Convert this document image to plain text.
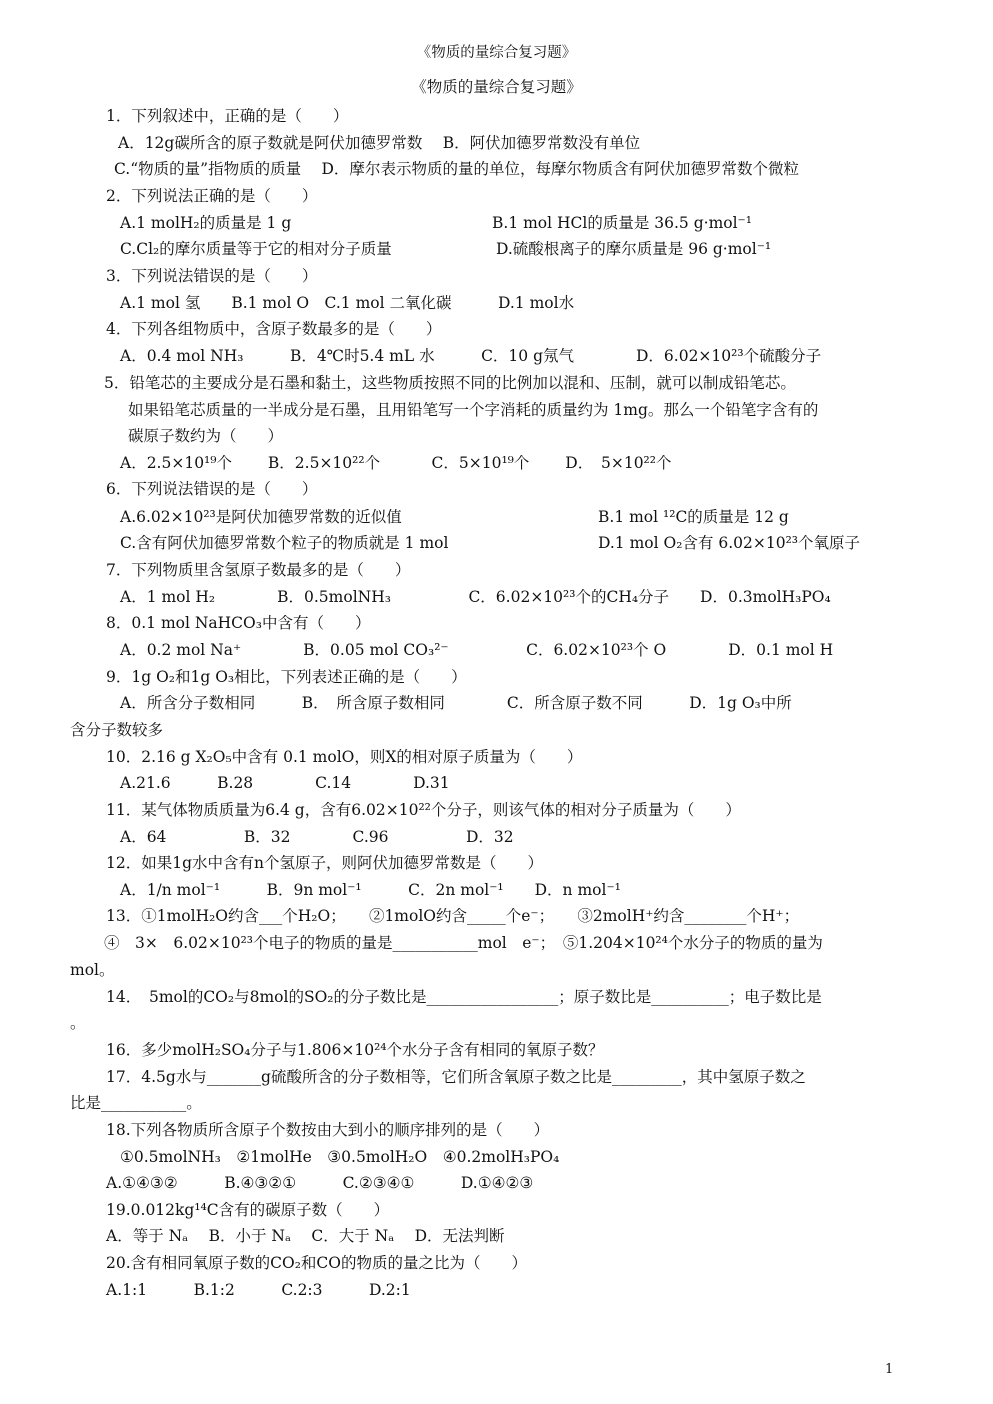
《物质的量综合复习题》
《物质的量综合复习题》
1．下列叙述中，正确的是（　　）
A．12g碳所含的原子数就是阿伏加德罗常数　 B．阿伏加德罗常数没有单位
C.“物质的量”指物质的质量　 D．摩尔表示物质的量的单位，每摩尔物质含有阿伏加德罗常数个微粒
2．下列说法正确的是（　　）
A.1 molH₂的质量是 1 g	B.1 mol HCl的质量是 36.5 g·mol⁻¹
C.Cl₂的摩尔质量等于它的相对分子质量	D.硫酸根离子的摩尔质量是 96 g·mol⁻¹
3．下列说法错误的是（　　）
A.1 mol 氢　　B.1 mol O　C.1 mol 二氧化碳　　　D.1 mol水
4．下列各组物质中，含原子数最多的是（　　）
A．0.4 mol NH₃　　　B．4℃时5.4 mL 水　　　C．10 g氖气　　　　D．6.02×10²³个硫酸分子
5．铅笔芯的主要成分是石墨和黏土，这些物质按照不同的比例加以混和、压制，就可以制成铅笔芯。
如果铅笔芯质量的一半成分是石墨，且用铅笔写一个字消耗的质量约为 1mg。那么一个铅笔字含有的
碳原子数约为（　　）
A．2.5×10¹⁹个　　 B．2.5×10²²个　　　 C．5×10¹⁹个　　 D．　5×10²²个
6．下列说法错误的是（　　）
A.6.02×10²³是阿伏加德罗常数的近似值	B.1 mol ¹²C的质量是 12 g
C.含有阿伏加德罗常数个粒子的物质就是 1 mol	D.1 mol O₂含有 6.02×10²³个氧原子
7．下列物质里含氢原子数最多的是（　　）
A．1 mol H₂　　　　B．0.5molNH₃　　　　　C．6.02×10²³个的CH₄分子　　D．0.3molH₃PO₄
8．0.1 mol NaHCO₃中含有（　　）
A．0.2 mol Na⁺　　　　B．0.05 mol CO₃²⁻　　　　　C．6.02×10²³个 O　　　　D．0.1 mol H
9．1g O₂和1g O₃相比，下列表述正确的是（　　）
A．所含分子数相同　　　B．　所含原子数相同　　　　C．所含原子数不同　　　D．1g O₃中所
含分子数较多
10．2.16 g X₂O₅中含有 0.1 molO，则X的相对原子质量为（　　）
A.21.6　　　B.28　　　　C.14　　　　D.31
11．某气体物质质量为6.4 g，含有6.02×10²²个分子，则该气体的相对分子质量为（　　）
A．64　　　　　B．32　　　　C.96　　　　　D．32
12．如果1g水中含有n个氢原子，则阿伏加德罗常数是（　　）
A．1/n mol⁻¹　　　B．9n mol⁻¹　　　C．2n mol⁻¹　　D．n mol⁻¹
13．①1molH₂O约含___个H₂O；　　②1molO约含_____个e⁻；　　③2molH⁺约含________个H⁺；
④　3×　6.02×10²³个电子的物质的量是___________mol　e⁻；　⑤1.204×10²⁴个水分子的物质的量为
mol。
14．　5mol的CO₂与8mol的SO₂的分子数比是_________________；原子数比是__________；电子数比是
。
16．多少molH₂SO₄分子与1.806×10²⁴个水分子含有相同的氧原子数？
17．4.5g水与_______g硫酸所含的分子数相等，它们所含氧原子数之比是_________，其中氢原子数之
比是___________。
18.下列各物质所含原子个数按由大到小的顺序排列的是（　　）
①0.5molNH₃　②1molHe　③0.5molH₂O　④0.2molH₃PO₄
A.①④③②　　　B.④③②①　　　C.②③④①　　　D.①④②③
19.0.012kg¹⁴C含有的碳原子数（　　）
A．等于 Nₐ　 B．小于 Nₐ　 C．大于 Nₐ　 D．无法判断
20.含有相同氧原子数的CO₂和CO的物质的量之比为（　　）
A.1:1　　　B.1:2　　　C.2:3　　　D.2:1
1
